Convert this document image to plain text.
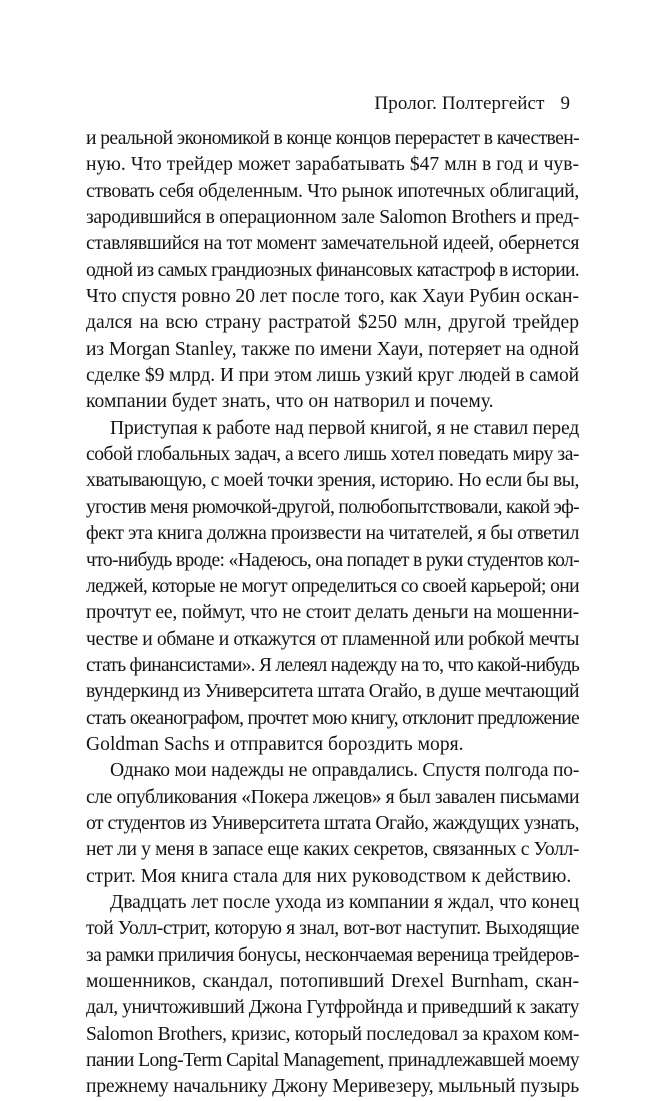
Пролог. Полтергейст 9
и реальной экономикой в конце концов перерастет в качествен-
ную. Что трейдер может зарабатывать $47 млн в год и чув-
ствовать себя обделенным. Что рынок ипотечных облигаций,
зародившийся в операционном зале Salomon Brothers и пред-
ставлявшийся на тот момент замечательной идеей, обернется
одной из самых грандиозных финансовых катастроф в истории.
Что спустя ровно 20 лет после того, как Хауи Рубин оскан-
дался на всю страну растратой $250 млн, другой трейдер
из Morgan Stanley, также по имени Хауи, потеряет на одной
сделке $9 млрд. И при этом лишь узкий круг людей в самой
компании будет знать, что он натворил и почему.
Приступая к работе над первой книгой, я не ставил перед
собой глобальных задач, а всего лишь хотел поведать миру за-
хватывающую, с моей точки зрения, историю. Но если бы вы,
угостив меня рюмочкой-другой, полюбопытствовали, какой эф-
фект эта книга должна произвести на читателей, я бы ответил
что-нибудь вроде: «Надеюсь, она попадет в руки студентов кол-
леджей, которые не могут определиться со своей карьерой; они
прочтут ее, поймут, что не стоит делать деньги на мошенни-
честве и обмане и откажутся от пламенной или робкой мечты
стать финансистами». Я лелеял надежду на то, что какой-нибудь
вундеркинд из Университета штата Огайо, в душе мечтающий
стать океанографом, прочтет мою книгу, отклонит предложение
Goldman Sachs и отправится бороздить моря.
Однако мои надежды не оправдались. Спустя полгода по-
сле опубликования «Покера лжецов» я был завален письмами
от студентов из Университета штата Огайо, жаждущих узнать,
нет ли у меня в запасе еще каких секретов, связанных с Уолл-
стрит. Моя книга стала для них руководством к действию.
Двадцать лет после ухода из компании я ждал, что конец
той Уолл-стрит, которую я знал, вот-вот наступит. Выходящие
за рамки приличия бонусы, нескончаемая вереница трейдеров-
мошенников, скандал, потопивший Drexel Burnham, скан-
дал, уничтоживший Джона Гутфройнда и приведший к закату
Salomon Brothers, кризис, который последовал за крахом ком-
пании Long-Term Capital Management, принадлежавшей моему
прежнему начальнику Джону Меривезеру, мыльный пузырь
